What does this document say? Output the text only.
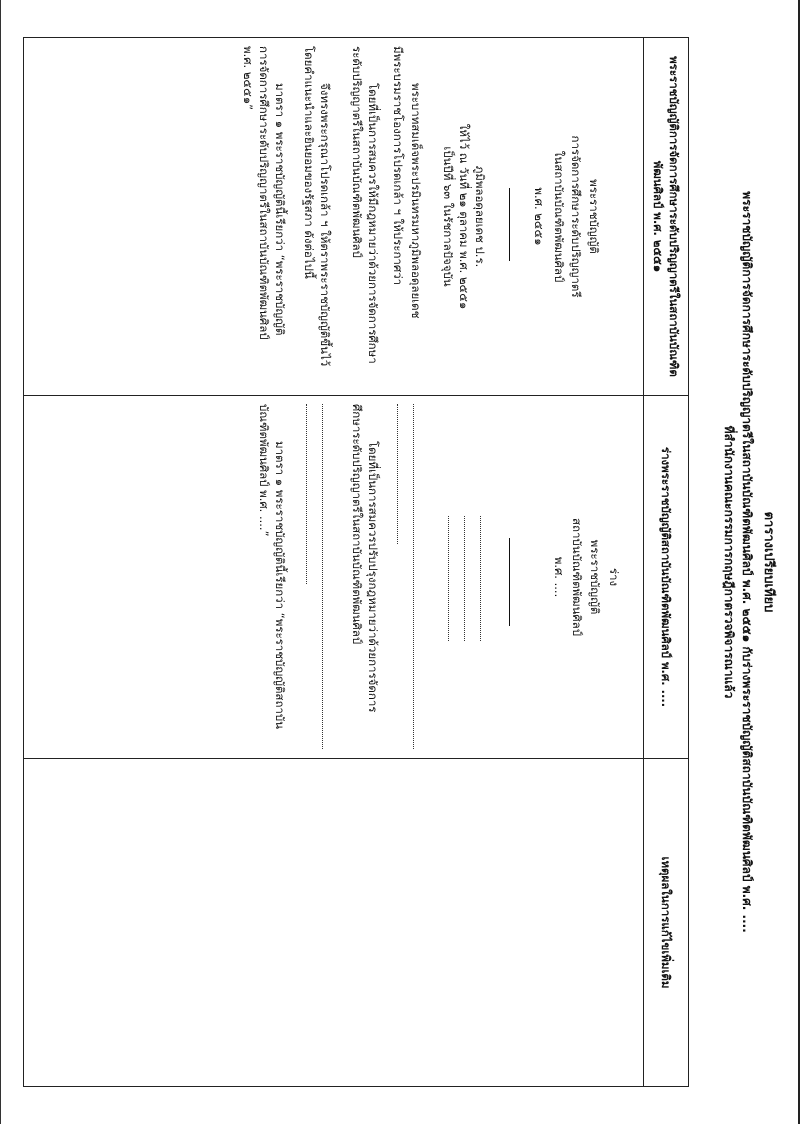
ตารางเปรียบเทียบ
พระราชบัญญัติการจัดการศึกษาระดับปริญญาตรีในสถาบันบัณฑิตพัฒนศิลป์ พ.ศ. ๒๕๕๑ กับร่างพระราชบัญญัติสถาบันบัณฑิตพัฒนศิลป์ พ.ศ. ....
ที่สำนักงานคณะกรรมการกฤษฎีกาตรวจพิจารณาแล้ว
พระราชบัญญัติการจัดการศึกษาระดับปริญญาตรีในสถาบันบัณฑิต
พัฒนศิลป์ พ.ศ. ๒๕๕๑
พระราชบัญญัติ
การจัดการศึกษาระดับปริญญาตรี
ในสถาบันบัณฑิตพัฒนศิลป์
พ.ศ. ๒๕๕๑
ภูมิพลอดุลยเดช ป.ร.
ให้ไว้ ณ วันที่ ๒๑ ตุลาคม พ.ศ. ๒๕๕๑
เป็นปีที่ ๖๓ ในรัชกาลปัจจุบัน
พระบาทสมเด็จพระปรมินทรมหาภูมิพลอดุลยเดช
มีพระบรมราชโองการโปรดเกล้า ฯ ให้ประกาศว่า
โดยที่เป็นการสมควรให้มีกฎหมายว่าด้วยการจัดการศึกษา
ระดับปริญญาตรีในสถาบันบัณฑิตพัฒนศิลป์
จึงทรงพระกรุณาโปรดเกล้า ฯ ให้ตราพระราชบัญญัติขึ้นไว้
โดยคำแนะนำและยินยอมของรัฐสภา ดังต่อไปนี้
มาตรา ๑ พระราชบัญญัตินี้เรียกว่า “พระราชบัญญัติ
การจัดการศึกษาระดับปริญญาตรีในสถาบันบัณฑิตพัฒนศิลป์
พ.ศ. ๒๕๕๑”
ร่างพระราชบัญญัติสถาบันบัณฑิตพัฒนศิลป์ พ.ศ. ....
ร่าง
พระราชบัญญัติ
สถาบันบัณฑิตพัฒนศิลป์
พ.ศ. ....
โดยที่เป็นการสมควรปรับปรุงกฎหมายว่าด้วยการจัดการ
ศึกษาระดับปริญญาตรีในสถาบันบัณฑิตพัฒนศิลป์
มาตรา ๑ พระราชบัญญัตินี้เรียกว่า “พระราชบัญญัติสถาบัน
บัณฑิตพัฒนศิลป์ พ.ศ. ....”
เหตุผลในการแก้ไขเพิ่มเติม
